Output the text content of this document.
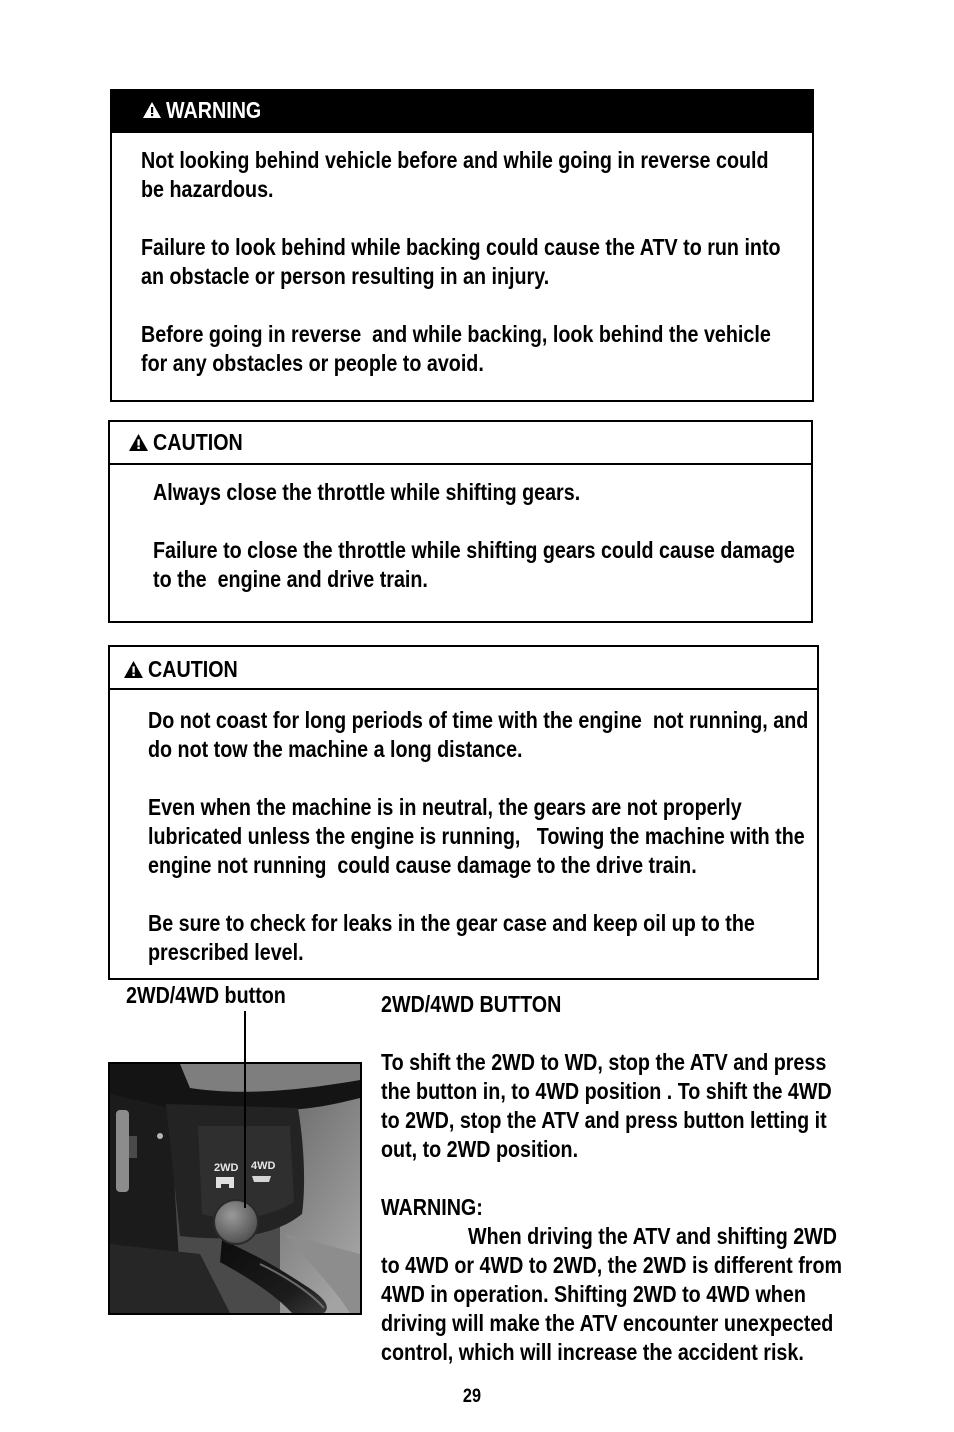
WARNING
Not looking behind vehicle before and while going in reverse could
be hazardous.
Failure to look behind while backing could cause the ATV to run into
an obstacle or person resulting in an injury.
Before going in reverse  and while backing, look behind the vehicle
for any obstacles or people to avoid.
CAUTION
Always close the throttle while shifting gears.
Failure to close the throttle while shifting gears could cause damage
to the  engine and drive train.
CAUTION
Do not coast for long periods of time with the engine  not running, and
do not tow the machine a long distance.
Even when the machine is in neutral, the gears are not properly
lubricated unless the engine is running,   Towing the machine with the
engine not running  could cause damage to the drive train.
Be sure to check for leaks in the gear case and keep oil up to the
prescribed level.
2WD/4WD button
2WD 4WD
2WD/4WD BUTTON
To shift the 2WD to WD, stop the ATV and press
the button in, to 4WD position . To shift the 4WD
to 2WD, stop the ATV and press button letting it
out, to 2WD position.
WARNING:
When driving the ATV and shifting 2WD
to 4WD or 4WD to 2WD, the 2WD is different from
4WD in operation. Shifting 2WD to 4WD when
driving will make the ATV encounter unexpected
control, which will increase the accident risk.
29
